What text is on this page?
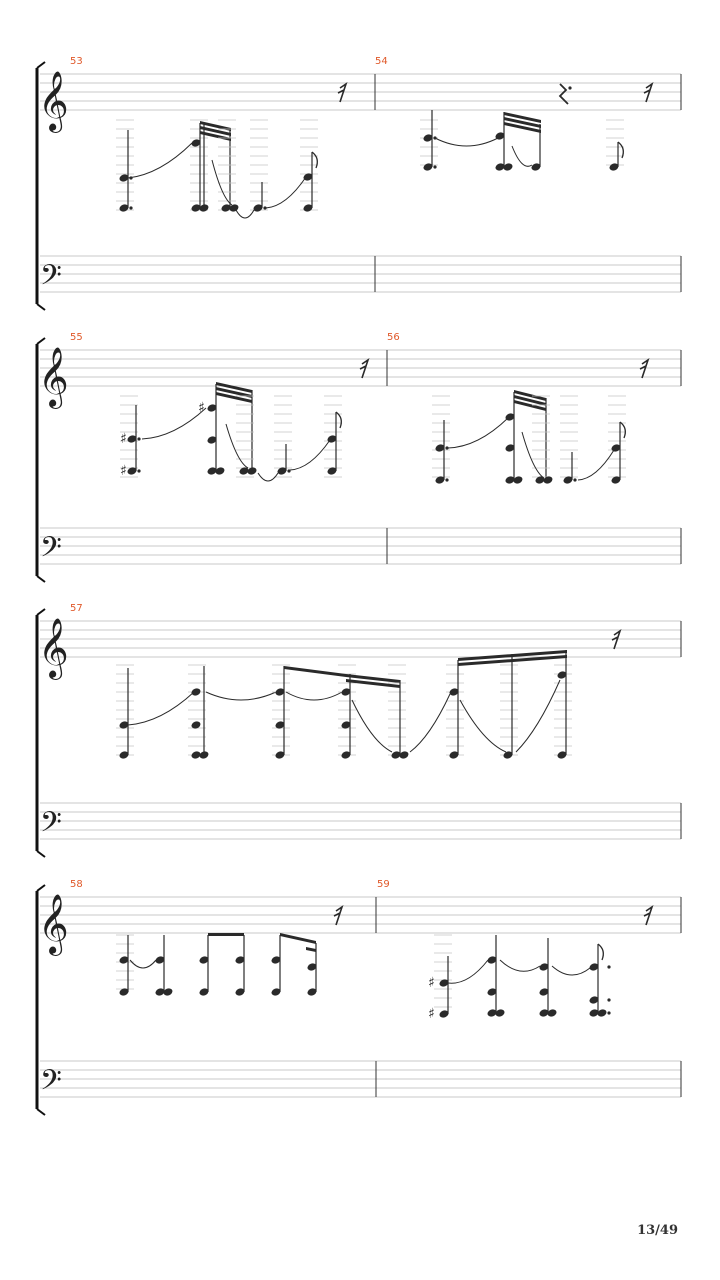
53	54
55	56
57
58	59
𝄞
𝄢
𝄞
𝄢
♯
♯
♯
𝄞
𝄢
𝄞
𝄢
♯
♯
13/49
